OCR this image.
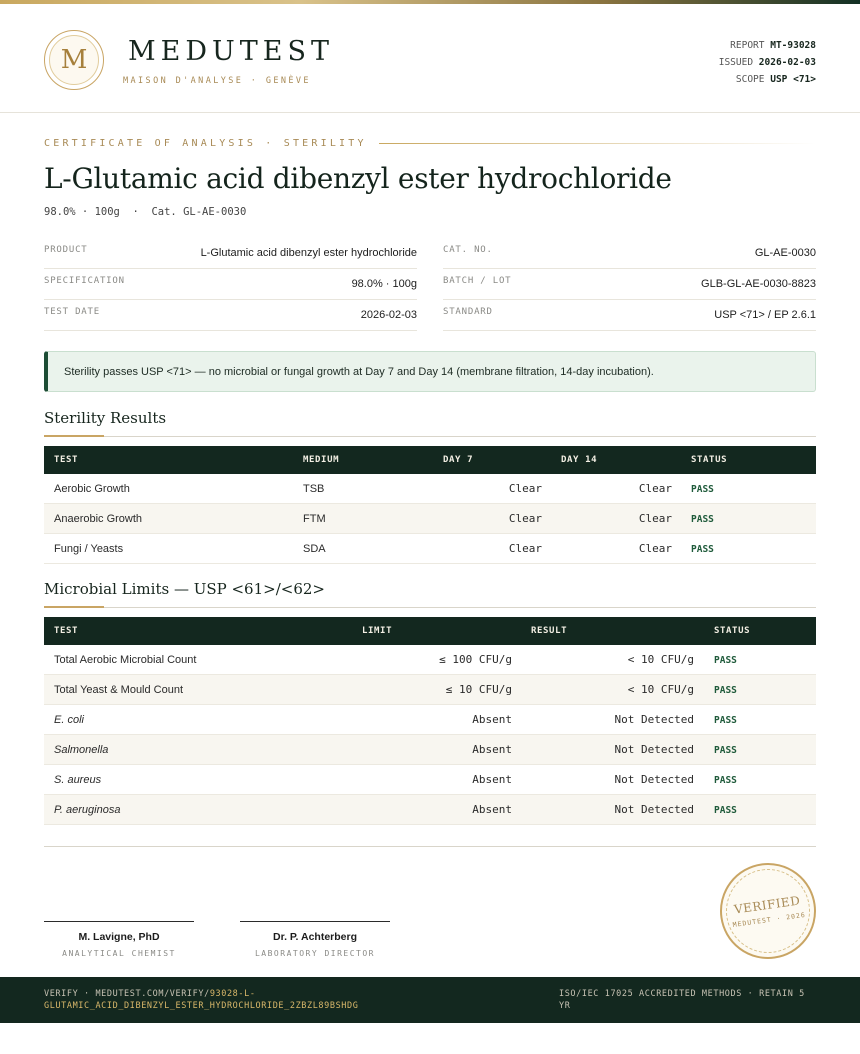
M	MEDUTEST
MAISON D'ANALYSE · GENÈVE
REPORT MT-93028
ISSUED 2026-02-03
SCOPE USP <71>
CERTIFICATE OF ANALYSIS · STERILITY
L-Glutamic acid dibenzyl ester hydrochloride
98.0% · 100g  ·  Cat. GL-AE-0030
PRODUCT	L-Glutamic acid dibenzyl ester hydrochloride
SPECIFICATION	98.0% · 100g
TEST DATE	2026-02-03
CAT. NO.	GL-AE-0030
BATCH / LOT	GLB-GL-AE-0030-8823
STANDARD	USP <71> / EP 2.6.1
Sterility passes USP <71> — no microbial or fungal growth at Day 7 and Day 14 (membrane filtration, 14-day incubation).
Sterility Results
TEST	MEDIUM	DAY 7	DAY 14	STATUS
Aerobic Growth	TSB	Clear	Clear PASS
Anaerobic Growth	FTM	Clear	Clear PASS
Fungi / Yeasts	SDA	Clear	Clear PASS
Microbial Limits — USP <61>/<62>
TEST	LIMIT	RESULT	STATUS
Total Aerobic Microbial Count	≤ 100 CFU/g	< 10 CFU/g PASS
Total Yeast & Mould Count	≤ 10 CFU/g	< 10 CFU/g PASS
E. coli	Absent	Not Detected PASS
Salmonella	Absent	Not Detected PASS
S. aureus	Absent	Not Detected PASS
P. aeruginosa	Absent	Not Detected PASS
M. Lavigne, PhD
ANALYTICAL CHEMIST
Dr. P. Achterberg
LABORATORY DIRECTOR
VERIFIED
MEDUTEST · 2026
VERIFY · MEDUTEST.COM/VERIFY/93028-L-GLUTAMIC_ACID_DIBENZYL_ESTER_HYDROCHLORIDE_2ZBZL89BSHDG
ISO/IEC 17025 ACCREDITED METHODS · RETAIN 5 YR
